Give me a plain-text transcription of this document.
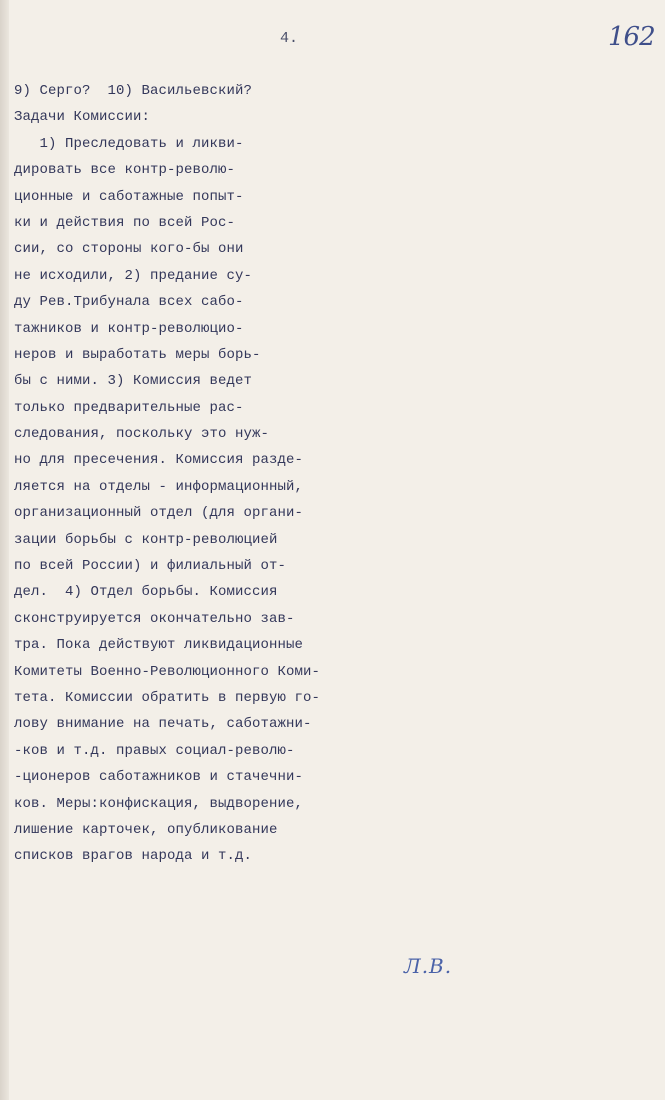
4.	162
9) Серго?  10) Васильевский?
Задачи Комиссии:
1) Преследовать и ликви-
дировать все контр-револю-
ционные и саботажные попыт-
ки и действия по всей Рос-
сии, со стороны кого-бы они
не исходили, 2) предание су-
ду Рев.Трибунала всех сабо-
тажников и контр-революцио-
неров и выработать меры борь-
бы с ними. 3) Комиссия ведет
только предварительные рас-
следования, поскольку это нуж-
но для пресечения. Комиссия разде-
ляется на отделы - информационный,
организационный отдел (для органи-
зации борьбы с контр-революцией
по всей России) и филиальный от-
дел.  4) Отдел борьбы. Комиссия
сконструируется окончательно зав-
тра. Пока действуют ликвидационные
Комитеты Военно-Революционного Коми-
тета. Комиссии обратить в первую го-
лову внимание на печать, саботажни-
-ков и т.д. правых социал-револю-
-ционеров саботажников и стачечни-
ков. Меры:конфискация, выдворение,
лишение карточек, опубликование
списков врагов народа и т.д.
Л.В.
